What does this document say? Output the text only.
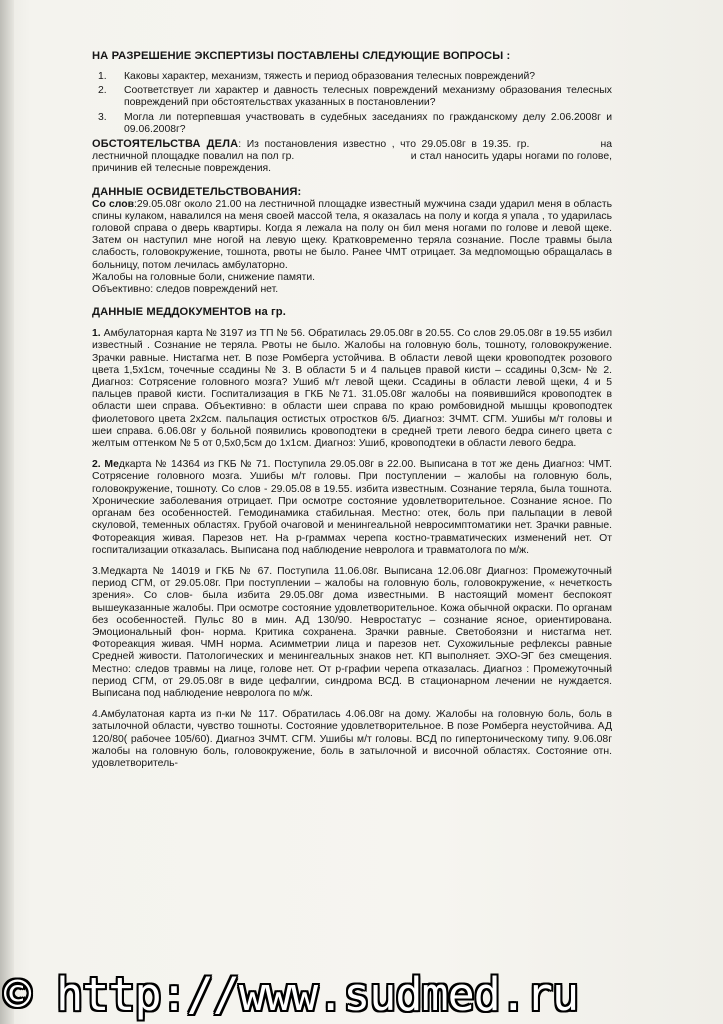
НА РАЗРЕШЕНИЕ ЭКСПЕРТИЗЫ ПОСТАВЛЕНЫ СЛЕДУЮЩИЕ ВОПРОСЫ :

1. Каковы характер, механизм, тяжесть и период образования телесных повреждений?
2. Соответствует ли характер и давность телесных повреждений механизму образования телесных повреждений при обстоятельствах указанных в постановлении?
3. Могла ли потерпевшая участвовать в судебных заседаниях по гражданскому делу 2.06.2008г и 09.06.2008г?

ОБСТОЯТЕЛЬСТВА ДЕЛА: Из постановления известно , что 29.05.08г в 19.35. гр.	на лестничной площадке повалил на пол гр.	и стал наносить удары ногами по голове, причинив ей телесные повреждения.

ДАННЫЕ ОСВИДЕТЕЛЬСТВОВАНИЯ:

Со слов:29.05.08г около 21.00 на лестничной площадке известный мужчина сзади ударил меня в область спины кулаком, навалился на меня своей массой тела, я оказалась на полу и когда я упала , то ударилась головой справа о дверь квартиры. Когда я лежала на полу он бил меня ногами по голове и левой щеке. Затем он наступил мне ногой на левую щеку. Кратковременно теряла сознание. После травмы была слабость, головокружение, тошнота, рвоты не было. Ранее ЧМТ отрицает. За медпомощью обращалась в больницу, потом лечилась амбулаторно.

Жалобы на головные боли, снижение памяти.

Объективно: следов повреждений нет.

ДАННЫЕ МЕДДОКУМЕНТОВ на гр.

1. Амбулаторная карта № 3197 из ТП № 56. Обратилась 29.05.08г в 20.55. Со слов 29.05.08г в 19.55 избил известный . Сознание не теряла. Рвоты не было. Жалобы на головную боль, тошноту, головокружение. Зрачки равные. Нистагма нет. В позе Ромберга устойчива. В области левой щеки кровоподтек розового цвета 1,5х1см, точечные ссадины № 3. В области 5 и 4 пальцев правой кисти – ссадины 0,3см- № 2. Диагноз: Сотрясение головного мозга? Ушиб м/т левой щеки. Ссадины в области левой щеки, 4 и 5 пальцев правой кисти. Госпитализация в ГКБ №71. 31.05.08г жалобы на появившийся кровоподтек в области шеи справа. Объективно: в области шеи справа по краю ромбовидной мышцы кровоподтек фиолетового цвета 2х2см. пальпация остистых отростков 6/5. Диагноз: ЗЧМТ. СГМ. Ушибы м/т головы и шеи справа. 6.06.08г у больной появились кровоподтеки в средней трети левого бедра синего цвета с желтым оттенком № 5 от 0,5х0,5см до 1х1см. Диагноз: Ушиб, кровоподтеки в области левого бедра.

2. Медкарта № 14364 из ГКБ № 71. Поступила 29.05.08г в 22.00. Выписана в тот же день Диагноз: ЧМТ. Сотрясение головного мозга. Ушибы м/т головы. При поступлении – жалобы на головную боль, головокружение, тошноту. Со слов - 29.05.08 в 19.55. избита известным. Сознание теряла, была тошнота. Хронические заболевания отрицает. При осмотре состояние удовлетворительное. Сознание ясное. По органам без особенностей. Гемодинамика стабильная. Местно: отек, боль при пальпации в левой скуловой, теменных областях. Грубой очаговой и менингеальной невросимптоматики нет. Зрачки равные. Фотореакция живая. Парезов нет. На р-граммах черепа костно-травматических изменений нет. От госпитализации отказалась. Выписана под наблюдение невролога и травматолога по м/ж.

3.Медкарта № 14019 и ГКБ № 67. Поступила 11.06.08г. Выписана 12.06.08г Диагноз: Промежуточный период СГМ, от 29.05.08г. При поступлении – жалобы на головную боль, головокружение, « нечеткость зрения». Со слов- была избита 29.05.08г дома известными. В настоящий момент беспокоят вышеуказанные жалобы. При осмотре состояние удовлетворительное. Кожа обычной окраски. По органам без особенностей. Пульс 80 в мин. АД 130/90. Невростатус – сознание ясное, ориентирована. Эмоциональный фон- норма. Критика сохранена. Зрачки равные. Светобоязни и нистагма нет. Фотореакция живая. ЧМН норма. Асимметрии лица и парезов нет. Сухожильные рефлексы равные Средней живости. Патологических и менингеальных знаков нет. КП выполняет. ЭХО-ЭГ без смещения. Местно: следов травмы на лице, голове нет. От р-графии черепа отказалась. Диагноз : Промежуточный период СГМ, от 29.05.08г в виде цефалгии, синдрома ВСД. В стационарном лечении не нуждается. Выписана под наблюдение невролога по м/ж.

4.Амбулатоная карта из п-ки № 117. Обратилась 4.06.08г на дому. Жалобы на головную боль, боль в затылочной области, чувство тошноты. Состояние удовлетворительное. В позе Ромберга неустойчива. АД 120/80( рабочее 105/60). Диагноз ЗЧМТ. СГМ. Ушибы м/т головы. ВСД по гипертоническому типу. 9.06.08г жалобы на головную боль, головокружение, боль в затылочной и височной областях. Состояние отн. удовлетворитель-

© http://www.sudmed.ru
